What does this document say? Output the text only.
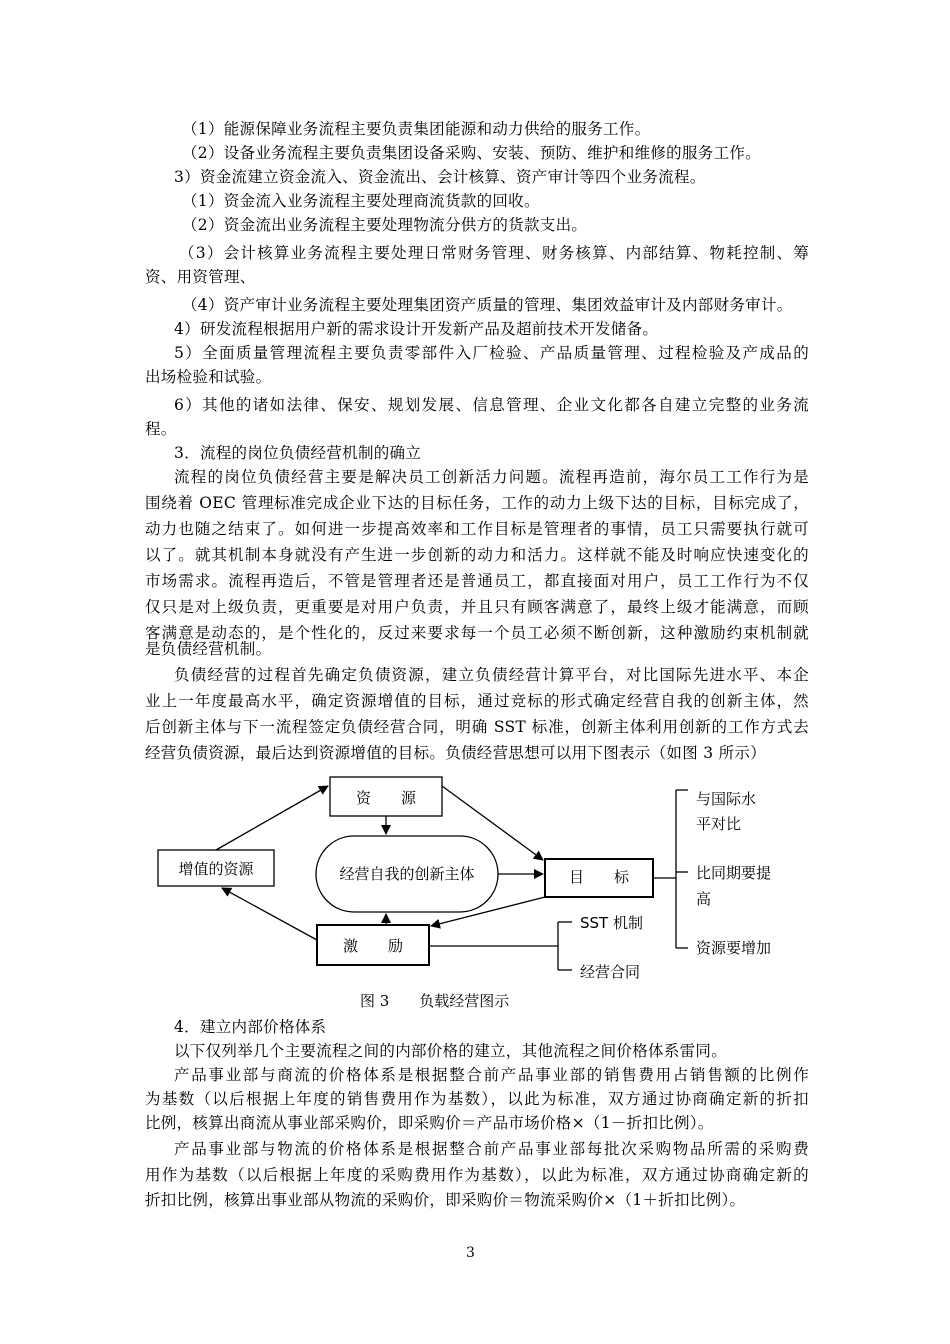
（1）能源保障业务流程主要负责集团能源和动力供给的服务工作。
（2）设备业务流程主要负责集团设备采购、安装、预防、维护和维修的服务工作。
3）资金流建立资金流入、资金流出、会计核算、资产审计等四个业务流程。
（1）资金流入业务流程主要处理商流货款的回收。
（2）资金流出业务流程主要处理物流分供方的货款支出。
（3）会计核算业务流程主要处理日常财务管理、财务核算、内部结算、物耗控制、筹
资、用资管理、
（4）资产审计业务流程主要处理集团资产质量的管理、集团效益审计及内部财务审计。
4）研发流程根据用户新的需求设计开发新产品及超前技术开发储备。
5）全面质量管理流程主要负责零部件入厂检验、产品质量管理、过程检验及产成品的
出场检验和试验。
6）其他的诸如法律、保安、规划发展、信息管理、企业文化都各自建立完整的业务流
程。
3．流程的岗位负债经营机制的确立
流程的岗位负债经营主要是解决员工创新活力问题。流程再造前，海尔员工工作行为是
围绕着 OEC 管理标准完成企业下达的目标任务，工作的动力上级下达的目标，目标完成了，
动力也随之结束了。如何进一步提高效率和工作目标是管理者的事情，员工只需要执行就可
以了。就其机制本身就没有产生进一步创新的动力和活力。这样就不能及时响应快速变化的
市场需求。流程再造后，不管是管理者还是普通员工，都直接面对用户，员工工作行为不仅
仅只是对上级负责，更重要是对用户负责，并且只有顾客满意了，最终上级才能满意，而顾
客满意是动态的，是个性化的，反过来要求每一个员工必须不断创新，这种激励约束机制就
是负债经营机制。
负债经营的过程首先确定负债资源，建立负债经营计算平台，对比国际先进水平、本企
业上一年度最高水平，确定资源增值的目标，通过竞标的形式确定经营自我的创新主体，然
后创新主体与下一流程签定负债经营合同，明确 SST 标准，创新主体利用创新的工作方式去
经营负债资源，最后达到资源增值的目标。负债经营思想可以用下图表示（如图 3 所示）
资　　源
增值的资源	经营自我的创新主体	目　　标
激　　励
SST 机制
经营合同
与国际水
平对比
比同期要提
高
资源要增加
图 3　　负载经营图示
4．建立内部价格体系
以下仅列举几个主要流程之间的内部价格的建立，其他流程之间价格体系雷同。
产品事业部与商流的价格体系是根据整合前产品事业部的销售费用占销售额的比例作
为基数（以后根据上年度的销售费用作为基数），以此为标准，双方通过协商确定新的折扣
比例，核算出商流从事业部采购价，即采购价＝产品市场价格×（1－折扣比例）。
产品事业部与物流的价格体系是根据整合前产品事业部每批次采购物品所需的采购费
用作为基数（以后根据上年度的采购费用作为基数），以此为标准，双方通过协商确定新的
折扣比例，核算出事业部从物流的采购价，即采购价＝物流采购价×（1＋折扣比例）。
3
